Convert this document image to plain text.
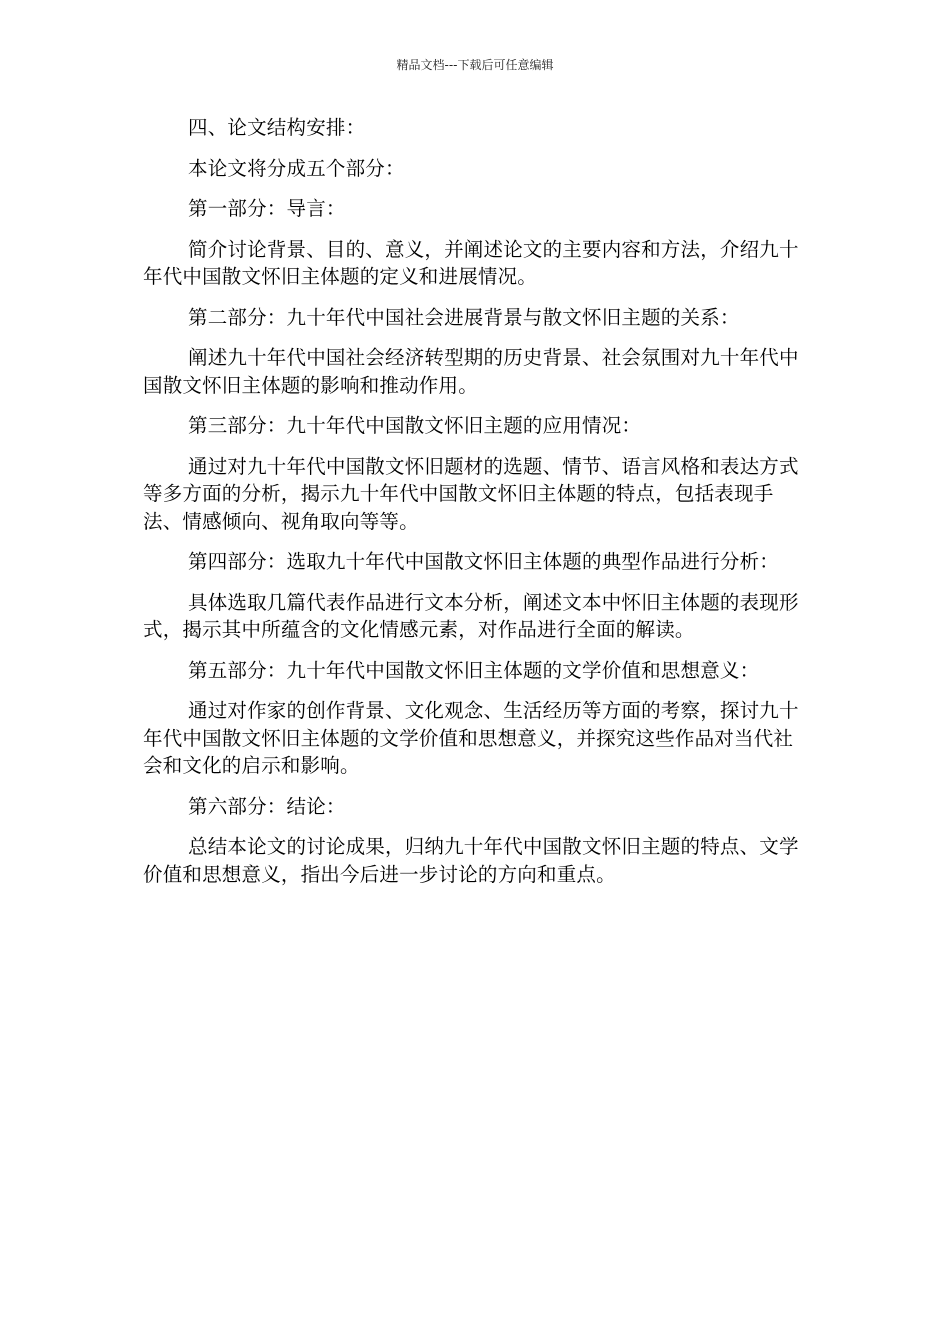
精品文档---下载后可任意编辑

四、论文结构安排：

本论文将分成五个部分：

第一部分：导言：

简介讨论背景、目的、意义，并阐述论文的主要内容和方法，介绍九十年代中国散文怀旧主体题的定义和进展情况。

第二部分：九十年代中国社会进展背景与散文怀旧主题的关系：

阐述九十年代中国社会经济转型期的历史背景、社会氛围对九十年代中国散文怀旧主体题的影响和推动作用。

第三部分：九十年代中国散文怀旧主题的应用情况：

通过对九十年代中国散文怀旧题材的选题、情节、语言风格和表达方式等多方面的分析，揭示九十年代中国散文怀旧主体题的特点，包括表现手法、情感倾向、视角取向等等。

第四部分：选取九十年代中国散文怀旧主体题的典型作品进行分析：

具体选取几篇代表作品进行文本分析，阐述文本中怀旧主体题的表现形式，揭示其中所蕴含的文化情感元素，对作品进行全面的解读。

第五部分：九十年代中国散文怀旧主体题的文学价值和思想意义：

通过对作家的创作背景、文化观念、生活经历等方面的考察，探讨九十年代中国散文怀旧主体题的文学价值和思想意义，并探究这些作品对当代社会和文化的启示和影响。

第六部分：结论：

总结本论文的讨论成果，归纳九十年代中国散文怀旧主题的特点、文学价值和思想意义，指出今后进一步讨论的方向和重点。
